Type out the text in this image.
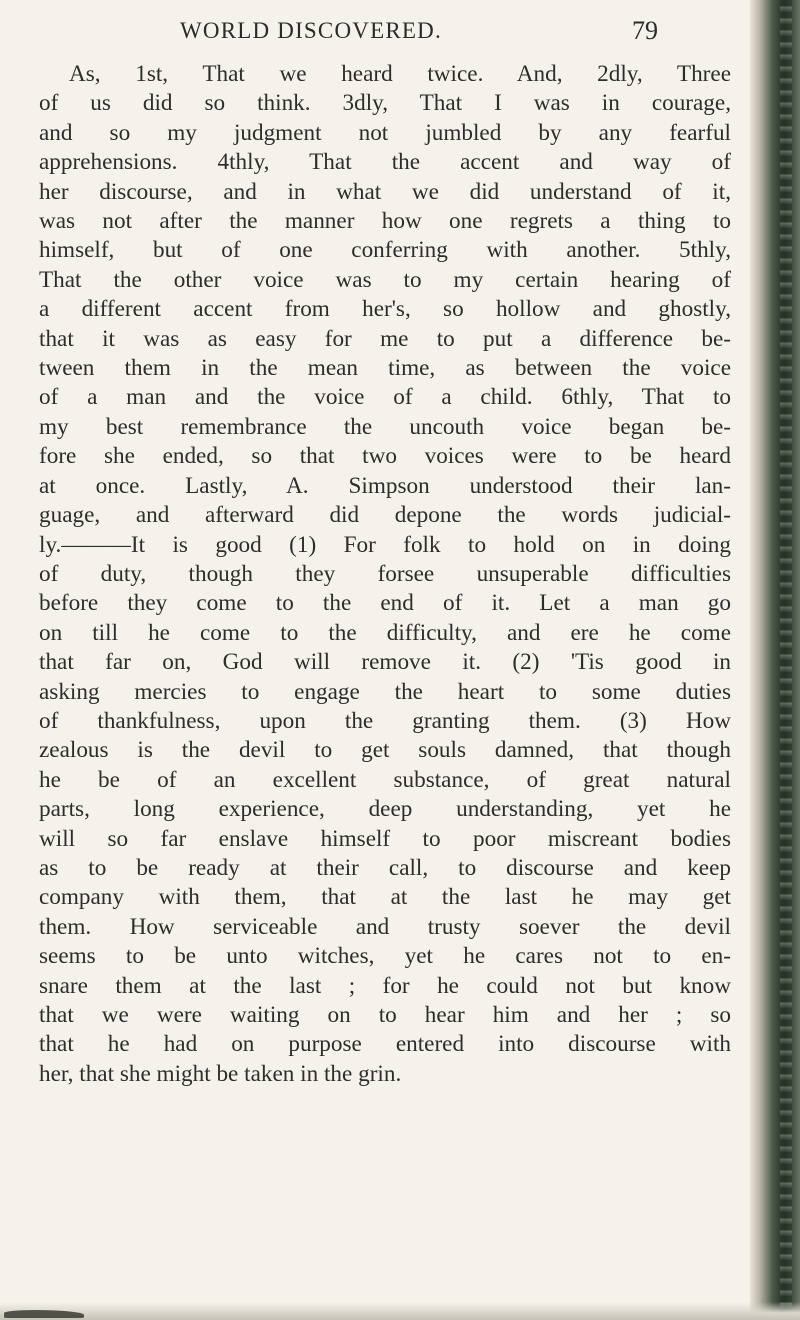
WORLD DISCOVERED.	79
As, 1st, That we heard twice. And, 2dly, Three
of us did so think. 3dly, That I was in courage,
and so my judgment not jumbled by any fearful
apprehensions. 4thly, That the accent and way of
her discourse, and in what we did understand of it,
was not after the manner how one regrets a thing to
himself, but of one conferring with another. 5thly,
That the other voice was to my certain hearing of
a different accent from her's, so hollow and ghostly,
that it was as easy for me to put a difference be-
tween them in the mean time, as between the voice
of a man and the voice of a child. 6thly, That to
my best remembrance the uncouth voice began be-
fore she ended, so that two voices were to be heard
at once. Lastly, A. Simpson understood their lan-
guage, and afterward did depone the words judicial-
ly.———It is good (1) For folk to hold on in doing
of duty, though they forsee unsuperable difficulties
before they come to the end of it. Let a man go
on till he come to the difficulty, and ere he come
that far on, God will remove it. (2) 'Tis good in
asking mercies to engage the heart to some duties
of thankfulness, upon the granting them. (3) How
zealous is the devil to get souls damned, that though
he be of an excellent substance, of great natural
parts, long experience, deep understanding, yet he
will so far enslave himself to poor miscreant bodies
as to be ready at their call, to discourse and keep
company with them, that at the last he may get
them. How serviceable and trusty soever the devil
seems to be unto witches, yet he cares not to en-
snare them at the last ; for he could not but know
that we were waiting on to hear him and her ; so
that he had on purpose entered into discourse with
her, that she might be taken in the grin.
